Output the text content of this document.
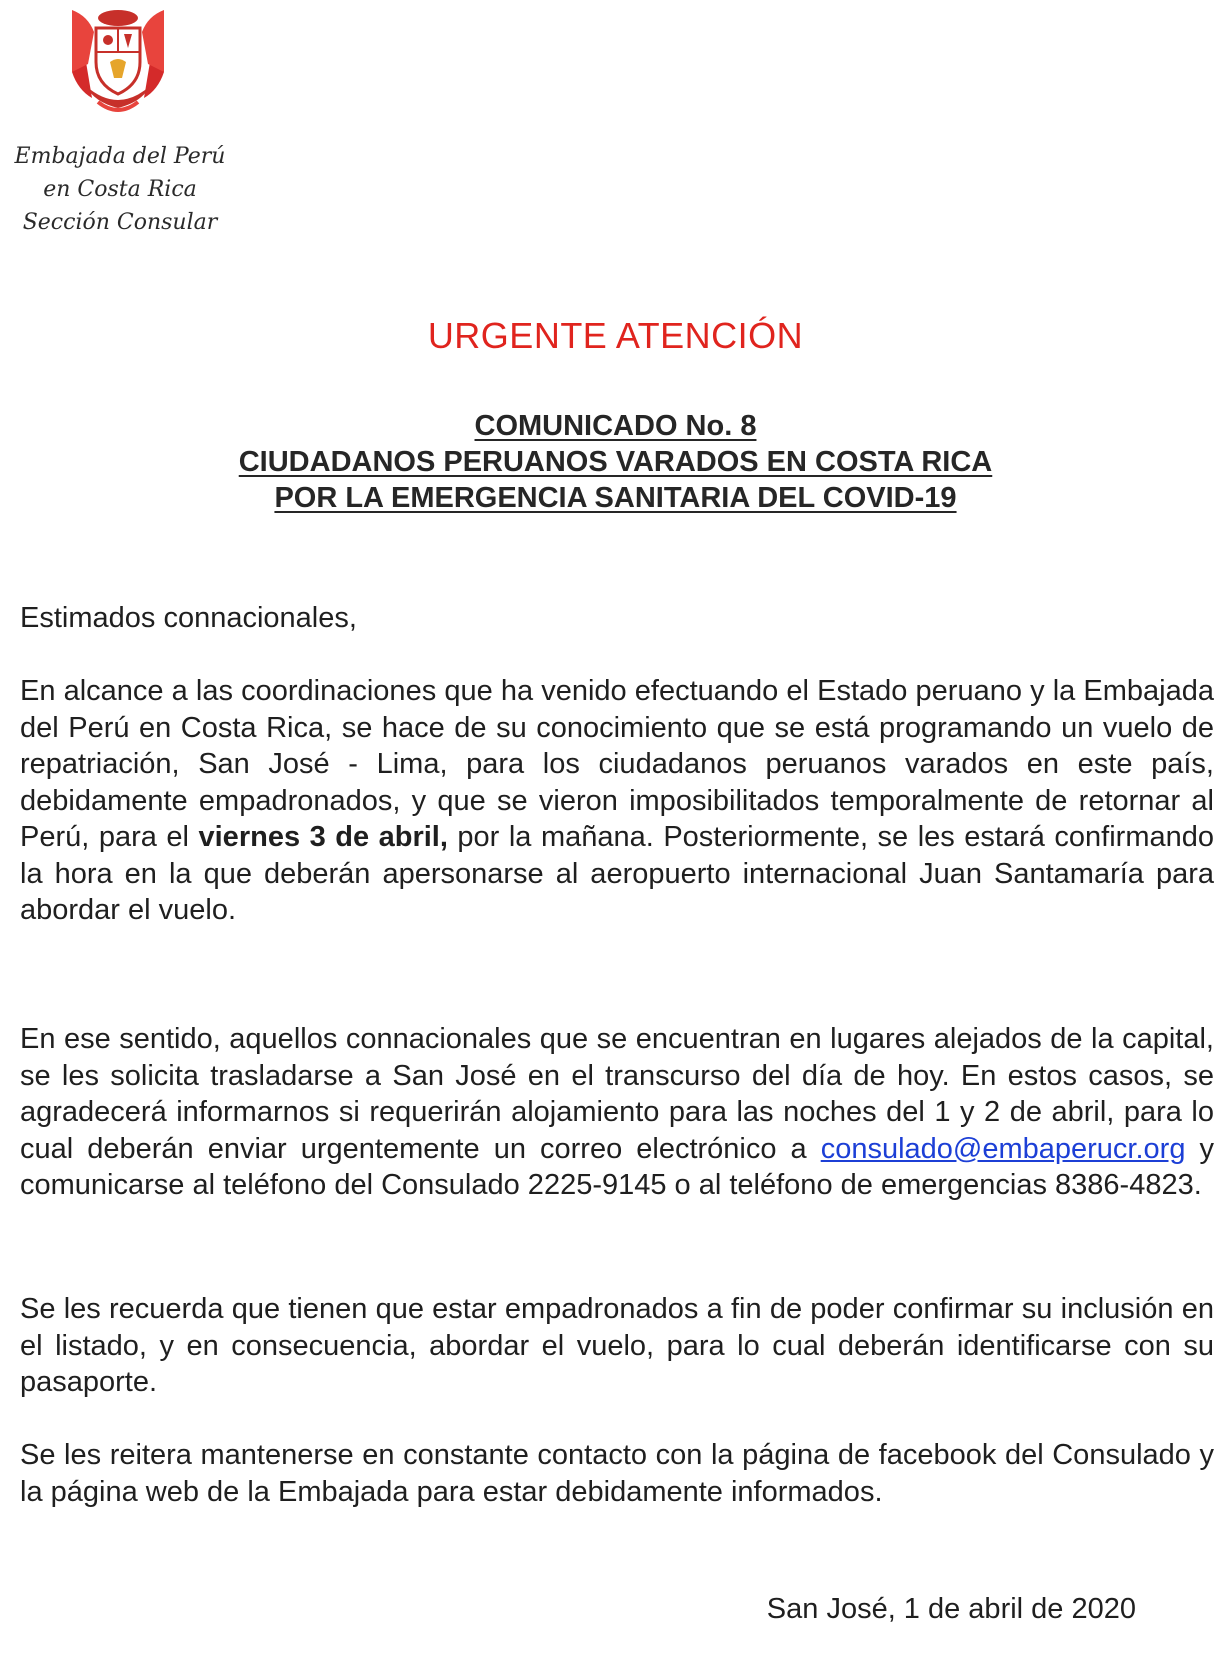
Embajada del Perú
en Costa Rica
Sección Consular
URGENTE ATENCIÓN
COMUNICADO No. 8
CIUDADANOS PERUANOS VARADOS EN COSTA RICA
POR LA EMERGENCIA SANITARIA DEL COVID-19
Estimados connacionales,
En alcance a las coordinaciones que ha venido efectuando el Estado peruano y la Embajada del Perú en Costa Rica, se hace de su conocimiento que se está programando un vuelo de repatriación, San José - Lima, para los ciudadanos peruanos varados en este país, debidamente empadronados, y que se vieron imposibilitados temporalmente de retornar al Perú, para el viernes 3 de abril, por la mañana. Posteriormente, se les estará confirmando la hora en la que deberán apersonarse al aeropuerto internacional Juan Santamaría para abordar el vuelo.
En ese sentido, aquellos connacionales que se encuentran en lugares alejados de la capital, se les solicita trasladarse a San José en el transcurso del día de hoy. En estos casos, se agradecerá informarnos si requerirán alojamiento para las noches del 1 y 2 de abril, para lo cual deberán enviar urgentemente un correo electrónico a consulado@embaperucr.org y comunicarse al teléfono del Consulado 2225-9145 o al teléfono de emergencias 8386-4823.
Se les recuerda que tienen que estar empadronados a fin de poder confirmar su inclusión en el listado, y en consecuencia, abordar el vuelo, para lo cual deberán identificarse con su pasaporte.
Se les reitera mantenerse en constante contacto con la página de facebook del Consulado y la página web de la Embajada para estar debidamente informados.
San José, 1 de abril de 2020
